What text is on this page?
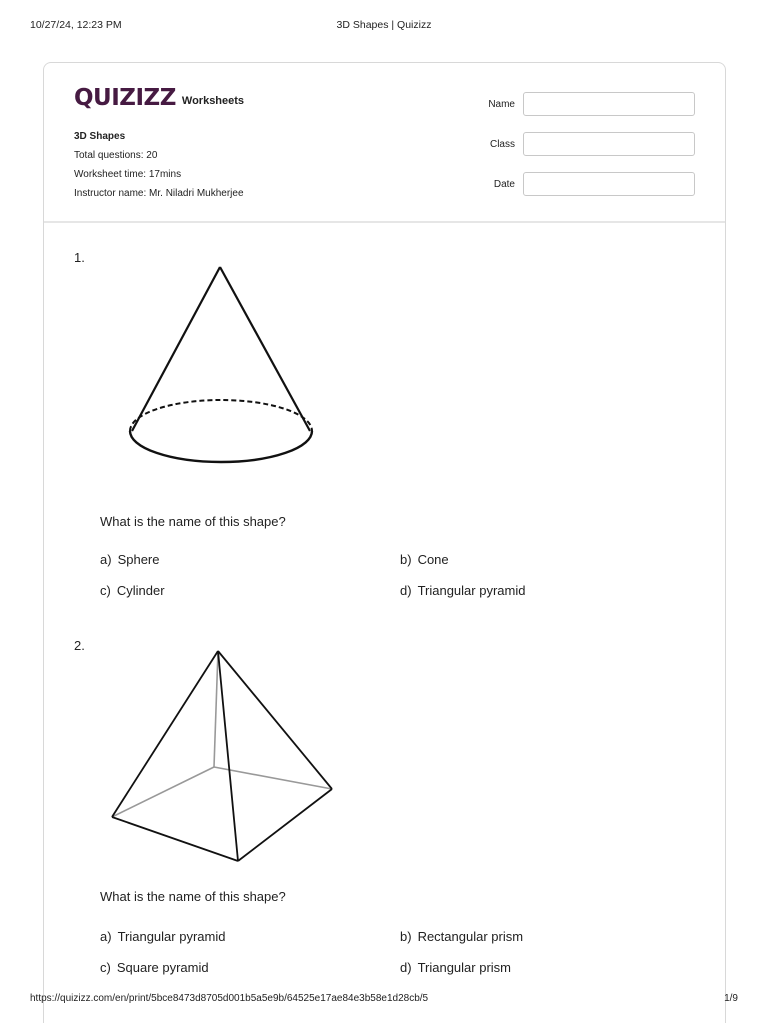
10/27/24, 12:23 PM	3D Shapes | Quizizz
QUIZIZZ Worksheets
3D Shapes
Total questions: 20
Worksheet time: 17mins
Instructor name: Mr. Niladri Mukherjee
Name
Class
Date
1.
What is the name of this shape?
a) Sphere	b) Cone
c) Cylinder	d) Triangular pyramid
2.
What is the name of this shape?
a) Triangular pyramid	b) Rectangular prism
c) Square pyramid	d) Triangular prism
https://quizizz.com/en/print/5bce8473d8705d001b5a5e9b/64525e17ae84e3b58e1d28cb/5	1/9
